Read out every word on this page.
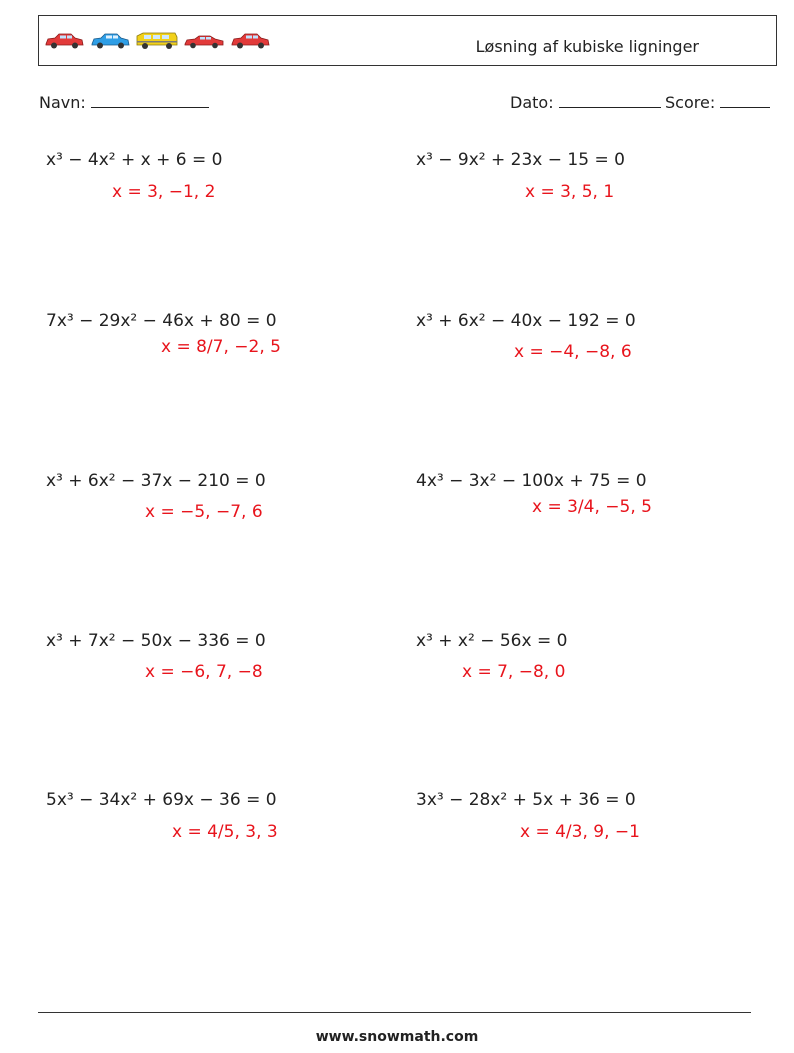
Løsning af kubiske ligninger
Navn:	Dato:	Score:
x³ − 4x² + x + 6 = 0
x = 3, −1, 2
x³ − 9x² + 23x − 15 = 0
x = 3, 5, 1
7x³ − 29x² − 46x + 80 = 0
x = 8/7, −2, 5
x³ + 6x² − 40x − 192 = 0
x = −4, −8, 6
x³ + 6x² − 37x − 210 = 0
x = −5, −7, 6
4x³ − 3x² − 100x + 75 = 0
x = 3/4, −5, 5
x³ + 7x² − 50x − 336 = 0
x = −6, 7, −8
x³ + x² − 56x = 0
x = 7, −8, 0
5x³ − 34x² + 69x − 36 = 0
x = 4/5, 3, 3
3x³ − 28x² + 5x + 36 = 0
x = 4/3, 9, −1
www.snowmath.com
